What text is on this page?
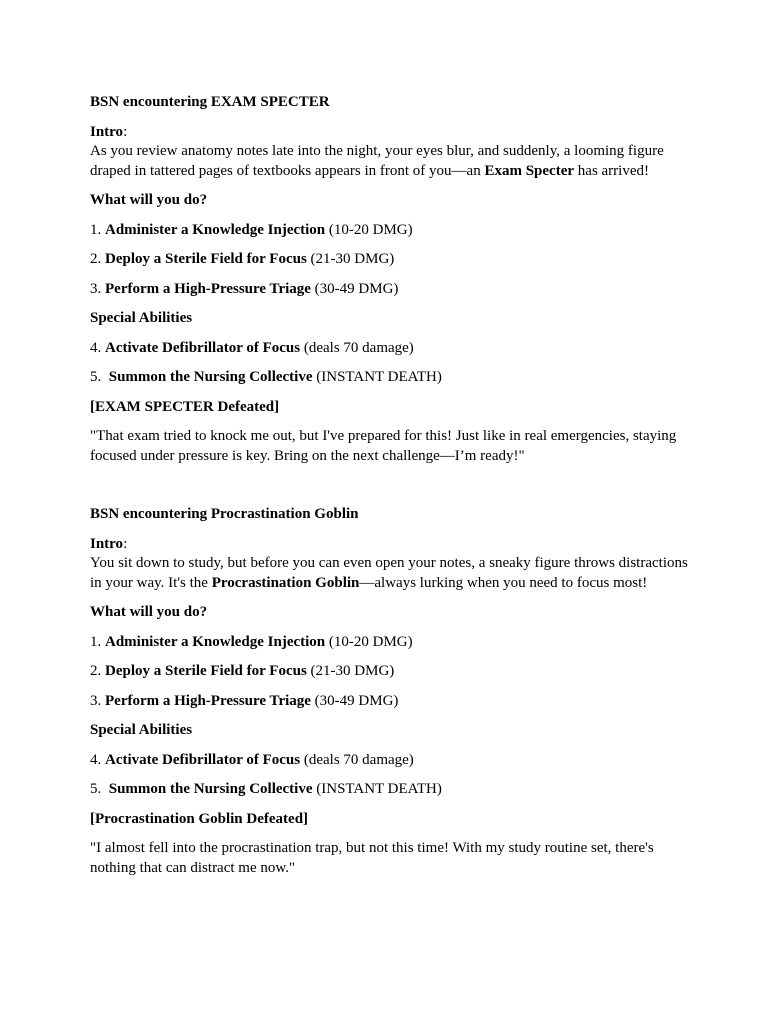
BSN encountering EXAM SPECTER

Intro:

As you review anatomy notes late into the night, your eyes blur, and suddenly, a looming figure draped in tattered pages of textbooks appears in front of you—an Exam Specter has arrived!

What will you do?

1. Administer a Knowledge Injection (10-20 DMG)

2. Deploy a Sterile Field for Focus (21-30 DMG)

3. Perform a High-Pressure Triage (30-49 DMG)

Special Abilities

4. Activate Defibrillator of Focus (deals 70 damage)

5.  Summon the Nursing Collective (INSTANT DEATH)

[EXAM SPECTER Defeated]

"That exam tried to knock me out, but I've prepared for this! Just like in real emergencies, staying focused under pressure is key. Bring on the next challenge—I’m ready!"

BSN encountering Procrastination Goblin

Intro:

You sit down to study, but before you can even open your notes, a sneaky figure throws distractions in your way. It's the Procrastination Goblin—always lurking when you need to focus most!

What will you do?

1. Administer a Knowledge Injection (10-20 DMG)

2. Deploy a Sterile Field for Focus (21-30 DMG)

3. Perform a High-Pressure Triage (30-49 DMG)

Special Abilities

4. Activate Defibrillator of Focus (deals 70 damage)

5.  Summon the Nursing Collective (INSTANT DEATH)

[Procrastination Goblin Defeated]

"I almost fell into the procrastination trap, but not this time! With my study routine set, there's nothing that can distract me now."
